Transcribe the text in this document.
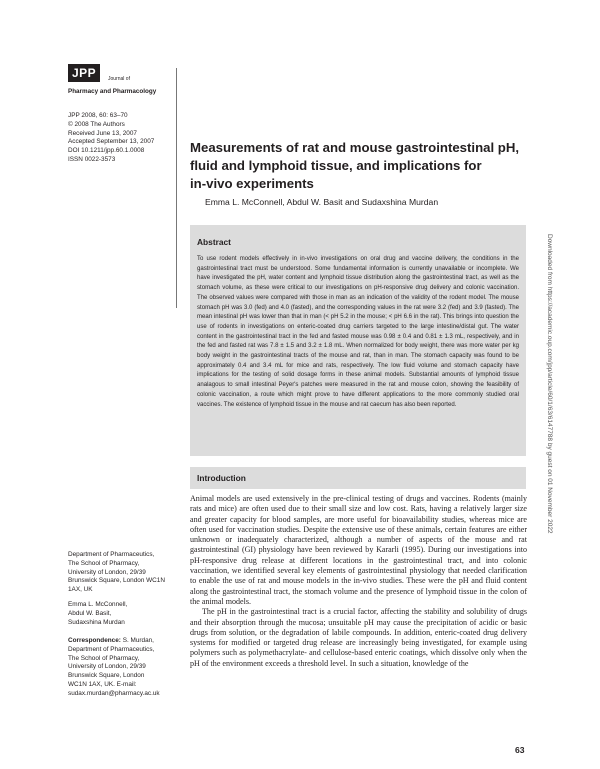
JPP	Journal of
Pharmacy and Pharmacology
JPP 2008, 60: 63–70
© 2008 The Authors
Received June 13, 2007
Accepted September 13, 2007
DOI 10.1211/jpp.60.1.0008
ISSN 0022-3573
Measurements of rat and mouse gastrointestinal pH,
fluid and lymphoid tissue, and implications for
in-vivo experiments
Emma L. McConnell, Abdul W. Basit and Sudaxshina Murdan
Abstract
To use rodent models effectively in in-vivo investigations on oral drug and vaccine delivery, the conditions in the gastrointestinal tract must be understood. Some fundamental information is currently unavailable or incomplete. We have investigated the pH, water content and lymphoid tissue distribution along the gastrointestinal tract, as well as the stomach volume, as these were critical to our investigations on pH-responsive drug delivery and colonic vaccination. The observed values were compared with those in man as an indication of the validity of the rodent model. The mouse stomach pH was 3.0 (fed) and 4.0 (fasted), and the corresponding values in the rat were 3.2 (fed) and 3.9 (fasted). The mean intestinal pH was lower than that in man (< pH 5.2 in the mouse; < pH 6.6 in the rat). This brings into question the use of rodents in investigations on enteric-coated drug carriers targeted to the large intestine/distal gut. The water content in the gastrointestinal tract in the fed and fasted mouse was 0.98 ± 0.4 and 0.81 ± 1.3 mL, respectively, and in the fed and fasted rat was 7.8 ± 1.5 and 3.2 ± 1.8 mL. When normalized for body weight, there was more water per kg body weight in the gastrointestinal tracts of the mouse and rat, than in man. The stomach capacity was found to be approximately 0.4 and 3.4 mL for mice and rats, respectively. The low fluid volume and stomach capacity have implications for the testing of solid dosage forms in these animal models. Substantial amounts of lymphoid tissue analagous to small intestinal Peyer's patches were measured in the rat and mouse colon, showing the feasibility of colonic vaccination, a route which might prove to have different applications to the more commonly studied oral vaccines. The existence of lymphoid tissue in the mouse and rat caecum has also been reported.
Introduction

Animal models are used extensively in the pre-clinical testing of drugs and vaccines. Rodents (mainly rats and mice) are often used due to their small size and low cost. Rats, having a relatively larger size and greater capacity for blood samples, are more useful for bioavailability studies, whereas mice are often used for vaccination studies. Despite the extensive use of these animals, certain features are either unknown or inadequately characterized, although a number of aspects of the mouse and rat gastrointestinal (GI) physiology have been reviewed by Kararli (1995). During our investigations into pH-responsive drug release at different locations in the gastrointestinal tract, and into colonic vaccination, we identified several key elements of gastrointestinal physiology that needed clarification to enable the use of rat and mouse models in the in-vivo studies. These were the pH and fluid content along the gastrointestinal tract, the stomach volume and the presence of lymphoid tissue in the colon of the animal models.

The pH in the gastrointestinal tract is a crucial factor, affecting the stability and solubility of drugs and their absorption through the mucosa; unsuitable pH may cause the precipitation of acidic or basic drugs from solution, or the degradation of labile compounds. In addition, enteric-coated drug delivery systems for modified or targeted drug release are increasingly being investigated, for example using polymers such as polymethacrylate- and cellulose-based enteric coatings, which dissolve only when the pH of the environment exceeds a threshold level. In such a situation, knowledge of the

Department of Pharmaceutics,
The School of Pharmacy,
University of London, 29/39
Brunswick Square, London WC1N
1AX, UK
Emma L. McConnell,
Abdul W. Basit,
Sudaxshina Murdan
Correspondence: S. Murdan,
Department of Pharmaceutics,
The School of Pharmacy,
University of London, 29/39
Brunswick Square, London
WC1N 1AX, UK. E-mail:
sudax.murdan@pharmacy.ac.uk
Downloaded from https://academic.oup.com/jpp/article/60/1/63/6147788 by guest on 01 November 2022
63
